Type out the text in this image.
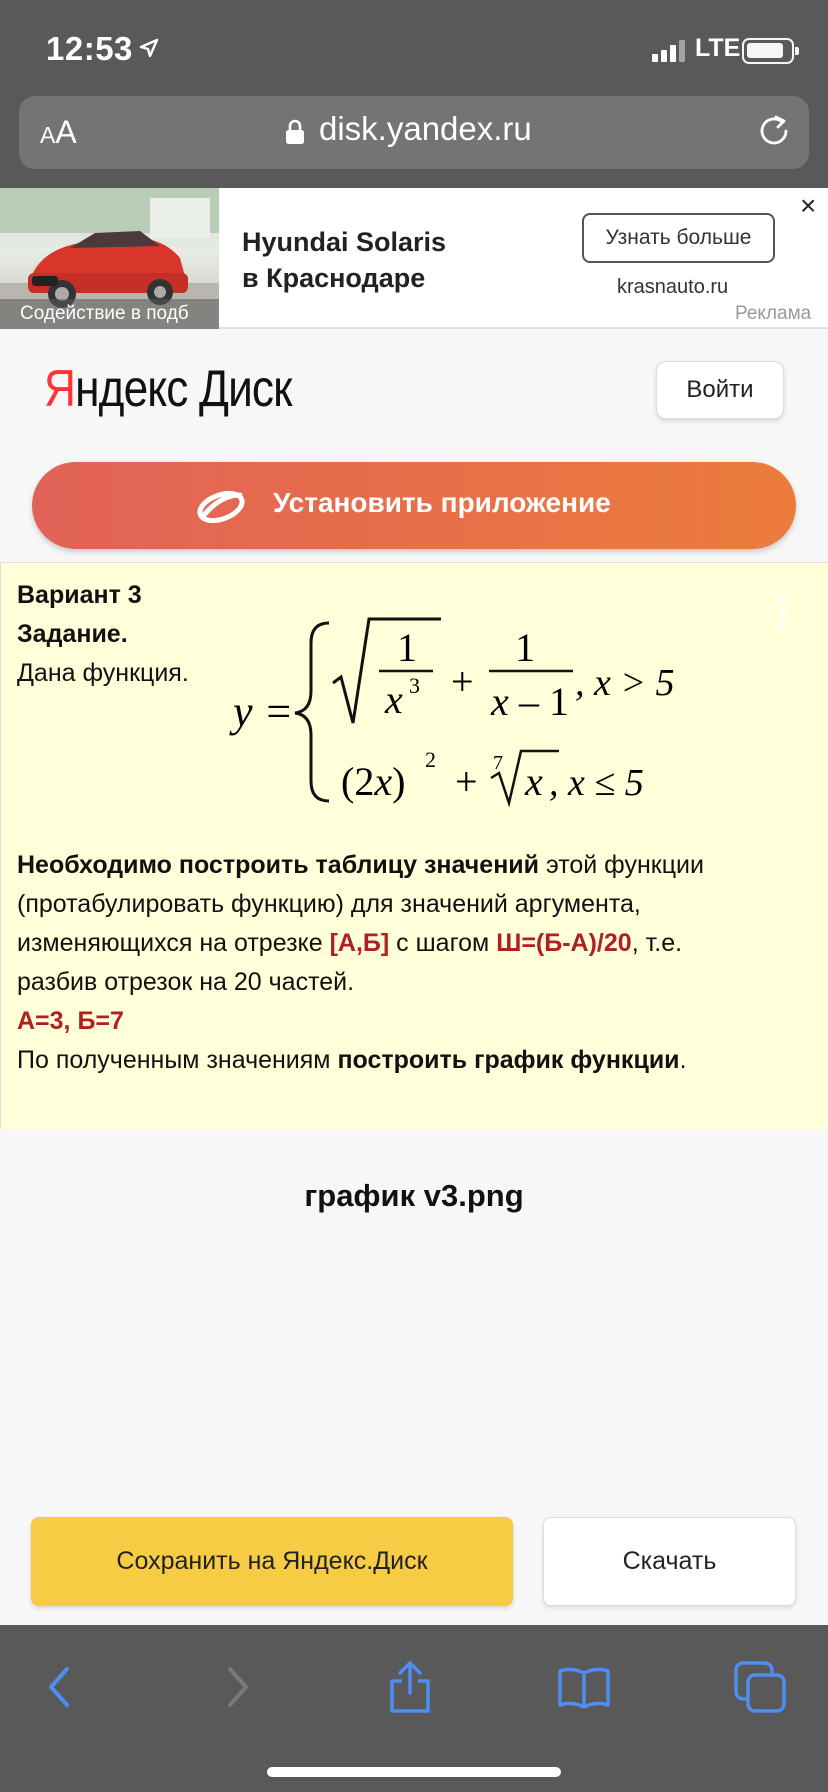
12:53	LTE
AA	disk.yandex.ru
Содействие в подб
Hyundai Solaris
в Краснодаре
Узнать больше
krasnauto.ru
×
Реклама
Яндекс Диск	Войти
Установить приложение
Вариант 3
Задание.
Дана функция.
y =
1
x 3 +
1
x – 1 , x > 5
(2x) 2 + 7 x , x ≤ 5
Необходимо построить таблицу значений этой функции
(протабулировать функцию) для значений аргумента,
изменяющихся на отрезке [А,Б] с шагом Ш=(Б-А)/20, т.е.
разбив отрезок на 20 частей.
А=3, Б=7
По полученным значениям построить график функции.
график v3.png
Сохранить на Яндекс.Диск	Скачать
